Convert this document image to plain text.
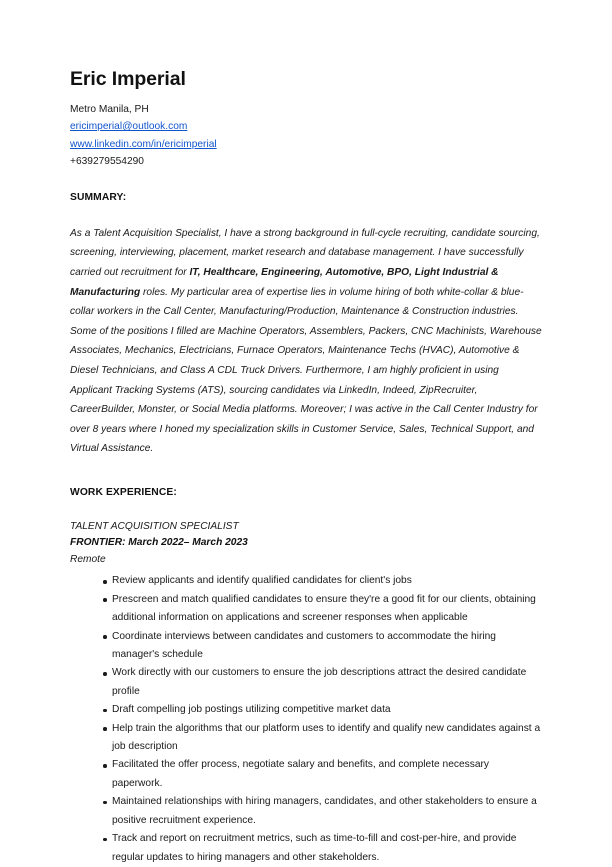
Eric Imperial

Metro Manila, PH

ericimperial@outlook.com
www.linkedin.com/in/ericimperial

+639279554290

SUMMARY:

As a Talent Acquisition Specialist, I have a strong background in full-cycle recruiting, candidate sourcing, screening, interviewing, placement, market research and database management. I have successfully carried out recruitment for IT, Healthcare, Engineering, Automotive, BPO, Light Industrial & Manufacturing roles. My particular area of expertise lies in volume hiring of both white-collar & blue-collar workers in the Call Center, Manufacturing/Production, Maintenance & Construction industries. Some of the positions I filled are Machine Operators, Assemblers, Packers, CNC Machinists, Warehouse Associates, Mechanics, Electricians, Furnace Operators, Maintenance Techs (HVAC), Automotive & Diesel Technicians, and Class A CDL Truck Drivers. Furthermore, I am highly proficient in using Applicant Tracking Systems (ATS), sourcing candidates via LinkedIn, Indeed, ZipRecruiter, CareerBuilder, Monster, or Social Media platforms. Moreover; I was active in the Call Center Industry for over 8 years where I honed my specialization skills in Customer Service, Sales, Technical Support, and Virtual Assistance.

WORK EXPERIENCE:

TALENT ACQUISITION SPECIALIST

FRONTIER: March 2022– March 2023

Remote

Review applicants and identify qualified candidates for client's jobs
Prescreen and match qualified candidates to ensure they're a good fit for our clients, obtaining additional information on applications and screener responses when applicable
Coordinate interviews between candidates and customers to accommodate the hiring manager's schedule
Work directly with our customers to ensure the job descriptions attract the desired candidate profile
Draft compelling job postings utilizing competitive market data
Help train the algorithms that our platform uses to identify and qualify new candidates against a job description
Facilitated the offer process, negotiate salary and benefits, and complete necessary paperwork.
Maintained relationships with hiring managers, candidates, and other stakeholders to ensure a positive recruitment experience.
Track and report on recruitment metrics, such as time-to-fill and cost-per-hire, and provide regular updates to hiring managers and other stakeholders.
